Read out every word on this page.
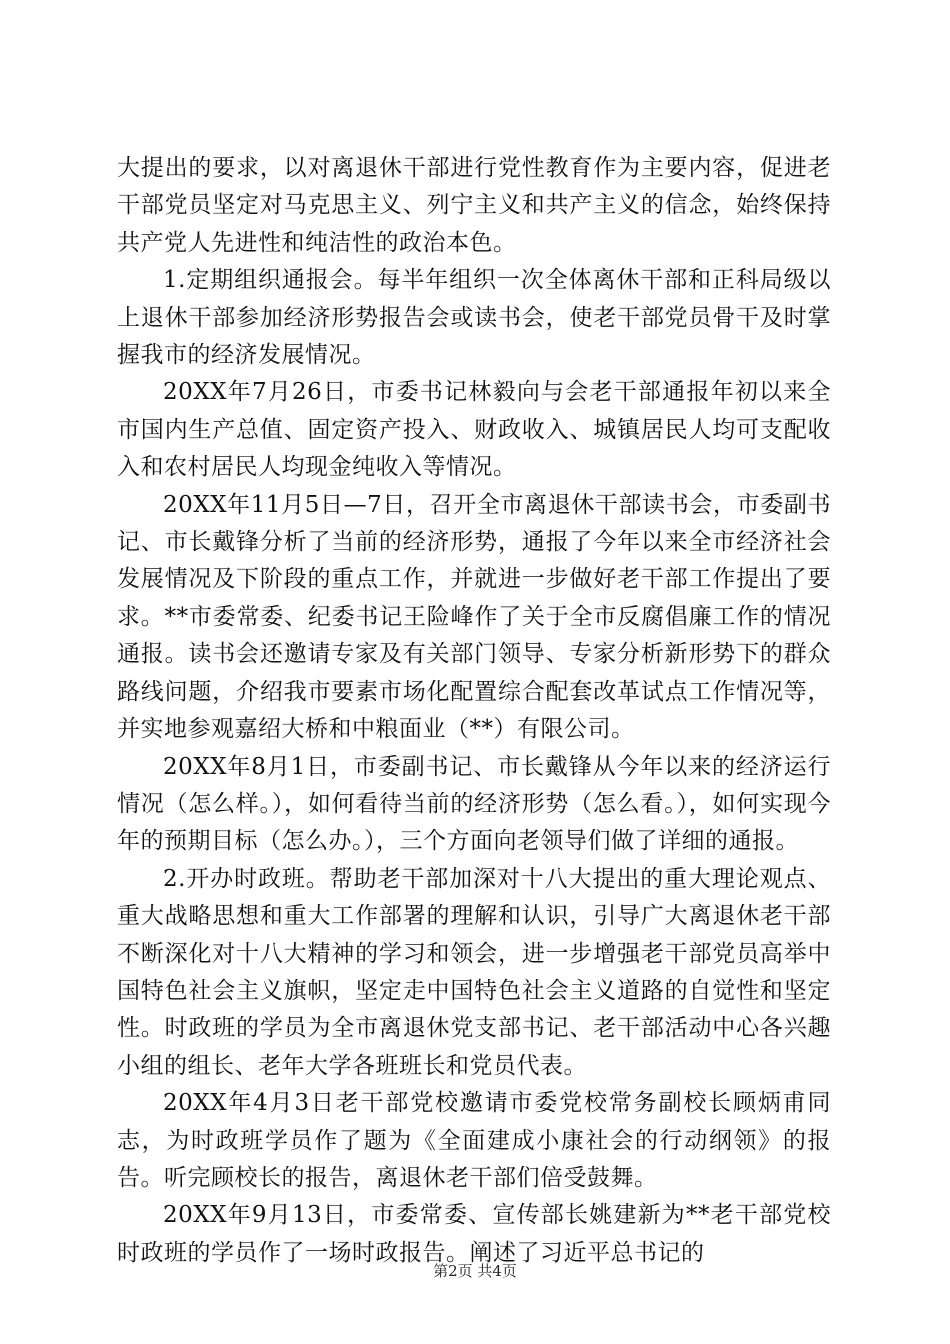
大提出的要求，以对离退休干部进行党性教育作为主要内容，促进老干部党员坚定对马克思主义、列宁主义和共产主义的信念，始终保持共产党人先进性和纯洁性的政治本色。

1.定期组织通报会。每半年组织一次全体离休干部和正科局级以上退休干部参加经济形势报告会或读书会，使老干部党员骨干及时掌握我市的经济发展情况。

20XX年7月26日，市委书记林毅向与会老干部通报年初以来全市国内生产总值、固定资产投入、财政收入、城镇居民人均可支配收入和农村居民人均现金纯收入等情况。

20XX年11月5日—7日，召开全市离退休干部读书会，市委副书记、市长戴锋分析了当前的经济形势，通报了今年以来全市经济社会发展情况及下阶段的重点工作，并就进一步做好老干部工作提出了要求。**市委常委、纪委书记王险峰作了关于全市反腐倡廉工作的情况通报。读书会还邀请专家及有关部门领导、专家分析新形势下的群众路线问题，介绍我市要素市场化配置综合配套改革试点工作情况等，并实地参观嘉绍大桥和中粮面业（**）有限公司。

20XX年8月1日，市委副书记、市长戴锋从今年以来的经济运行情况（怎么样。），如何看待当前的经济形势（怎么看。），如何实现今年的预期目标（怎么办。），三个方面向老领导们做了详细的通报。

2.开办时政班。帮助老干部加深对十八大提出的重大理论观点、重大战略思想和重大工作部署的理解和认识，引导广大离退休老干部不断深化对十八大精神的学习和领会，进一步增强老干部党员高举中国特色社会主义旗帜，坚定走中国特色社会主义道路的自觉性和坚定性。时政班的学员为全市离退休党支部书记、老干部活动中心各兴趣小组的组长、老年大学各班班长和党员代表。

20XX年4月3日老干部党校邀请市委党校常务副校长顾炳甫同志，为时政班学员作了题为《全面建成小康社会的行动纲领》的报告。听完顾校长的报告，离退休老干部们倍受鼓舞。

20XX年9月13日，市委常委、宣传部长姚建新为**老干部党校时政班的学员作了一场时政报告。阐述了习近平总书记的

第2页 共4页
